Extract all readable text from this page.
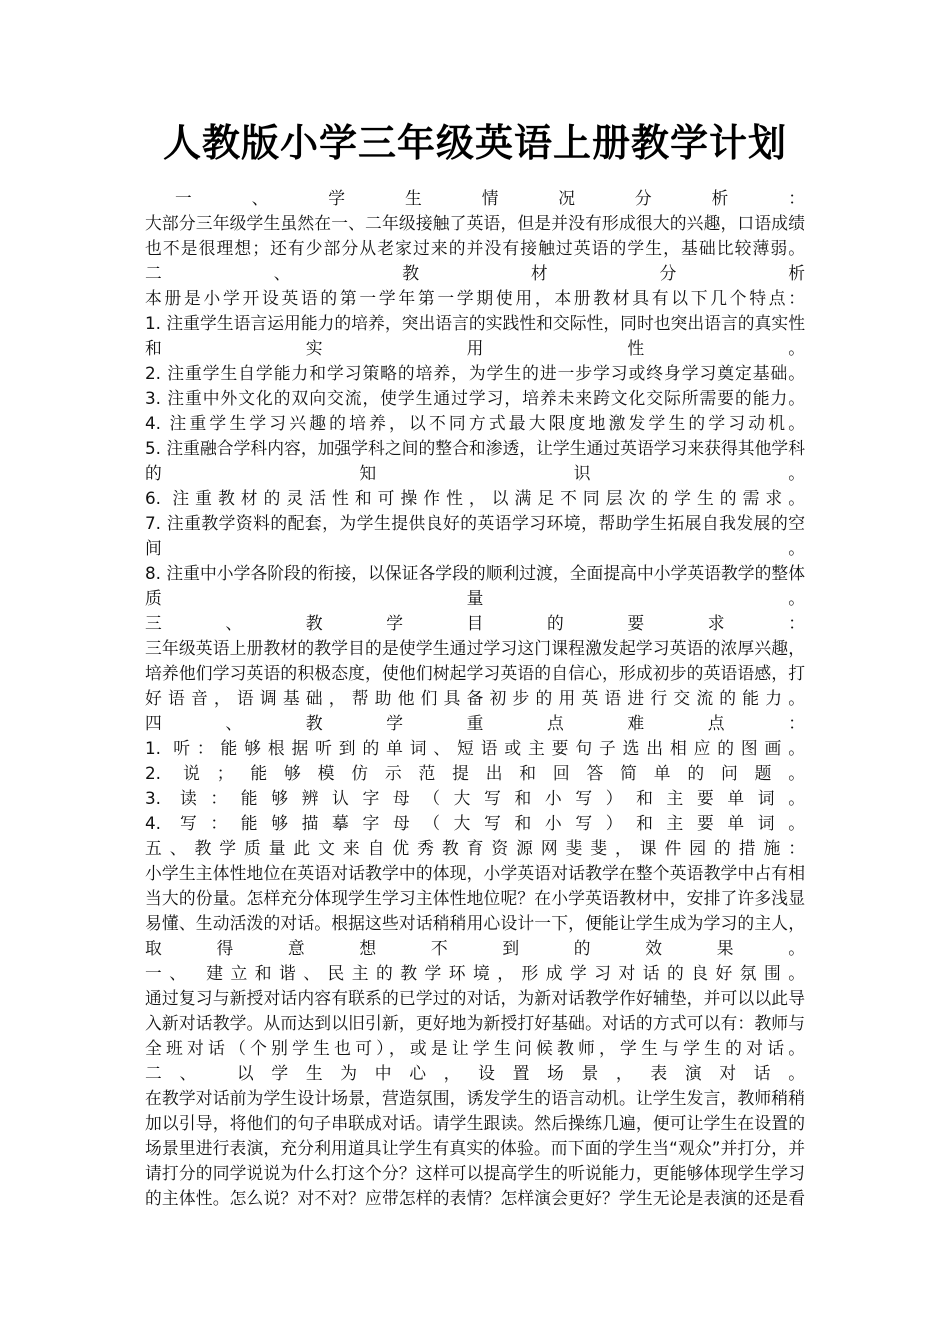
人教版小学三年级英语上册教学计划
一、学生情况分析：
大部分三年级学生虽然在一、二年级接触了英语，但是并没有形成很大的兴趣，口语成绩
也不是很理想；还有少部分从老家过来的并没有接触过英语的学生，基础比较薄弱。
二、教材分析
本册是小学开设英语的第一学年第一学期使用，本册教材具有以下几个特点：
1. 注重学生语言运用能力的培养，突出语言的实践性和交际性，同时也突出语言的真实性
和实用性。
2. 注重学生自学能力和学习策略的培养，为学生的进一步学习或终身学习奠定基础。
3. 注重中外文化的双向交流，使学生通过学习，培养未来跨文化交际所需要的能力。
4. 注重学生学习兴趣的培养，以不同方式最大限度地激发学生的学习动机。
5. 注重融合学科内容，加强学科之间的整合和渗透，让学生通过英语学习来获得其他学科
的知识。
6. 注重教材的灵活性和可操作性，以满足不同层次的学生的需求。
7. 注重教学资料的配套，为学生提供良好的英语学习环境，帮助学生拓展自我发展的空
间。
8. 注重中小学各阶段的衔接，以保证各学段的顺利过渡，全面提高中小学英语教学的整体
质量。
三、教学目的要求：
三年级英语上册教材的教学目的是使学生通过学习这门课程激发起学习英语的浓厚兴趣，
培养他们学习英语的积极态度，使他们树起学习英语的自信心，形成初步的英语语感，打
好语音，语调基础，帮助他们具备初步的用英语进行交流的能力。
四、教学重点难点：
1. 听：能够根据听到的单词、短语或主要句子选出相应的图画。
2. 说；能够模仿示范提出和回答简单的问题。
3. 读：能够辨认字母（大写和小写）和主要单词。
4. 写：能够描摹字母（大写和小写）和主要单词。
五、教学质量此文来自优秀教育资源网斐斐，课件园的措施：
小学生主体性地位在英语对话教学中的体现，小学英语对话教学在整个英语教学中占有相
当大的份量。怎样充分体现学生学习主体性地位呢？在小学英语教材中，安排了许多浅显
易懂、生动活泼的对话。根据这些对话稍稍用心设计一下，便能让学生成为学习的主人，
取得意想不到的效果。
一、 建立和谐、民主的教学环境，形成学习对话的良好氛围。
通过复习与新授对话内容有联系的已学过的对话，为新对话教学作好辅垫，并可以以此导
入新对话教学。从而达到以旧引新，更好地为新授打好基础。对话的方式可以有：教师与
全班对话（个别学生也可），或是让学生问候教师，学生与学生的对话。
二、 以学生为中心，设置场景，表演对话。
在教学对话前为学生设计场景，营造氛围，诱发学生的语言动机。让学生发言，教师稍稍
加以引导，将他们的句子串联成对话。请学生跟读。然后操练几遍，便可让学生在设置的
场景里进行表演，充分利用道具让学生有真实的体验。而下面的学生当“观众”并打分，并
请打分的同学说说为什么打这个分？这样可以提高学生的听说能力，更能够体现学生学习
的主体性。怎么说？对不对？应带怎样的表情？怎样演会更好？学生无论是表演的还是看
